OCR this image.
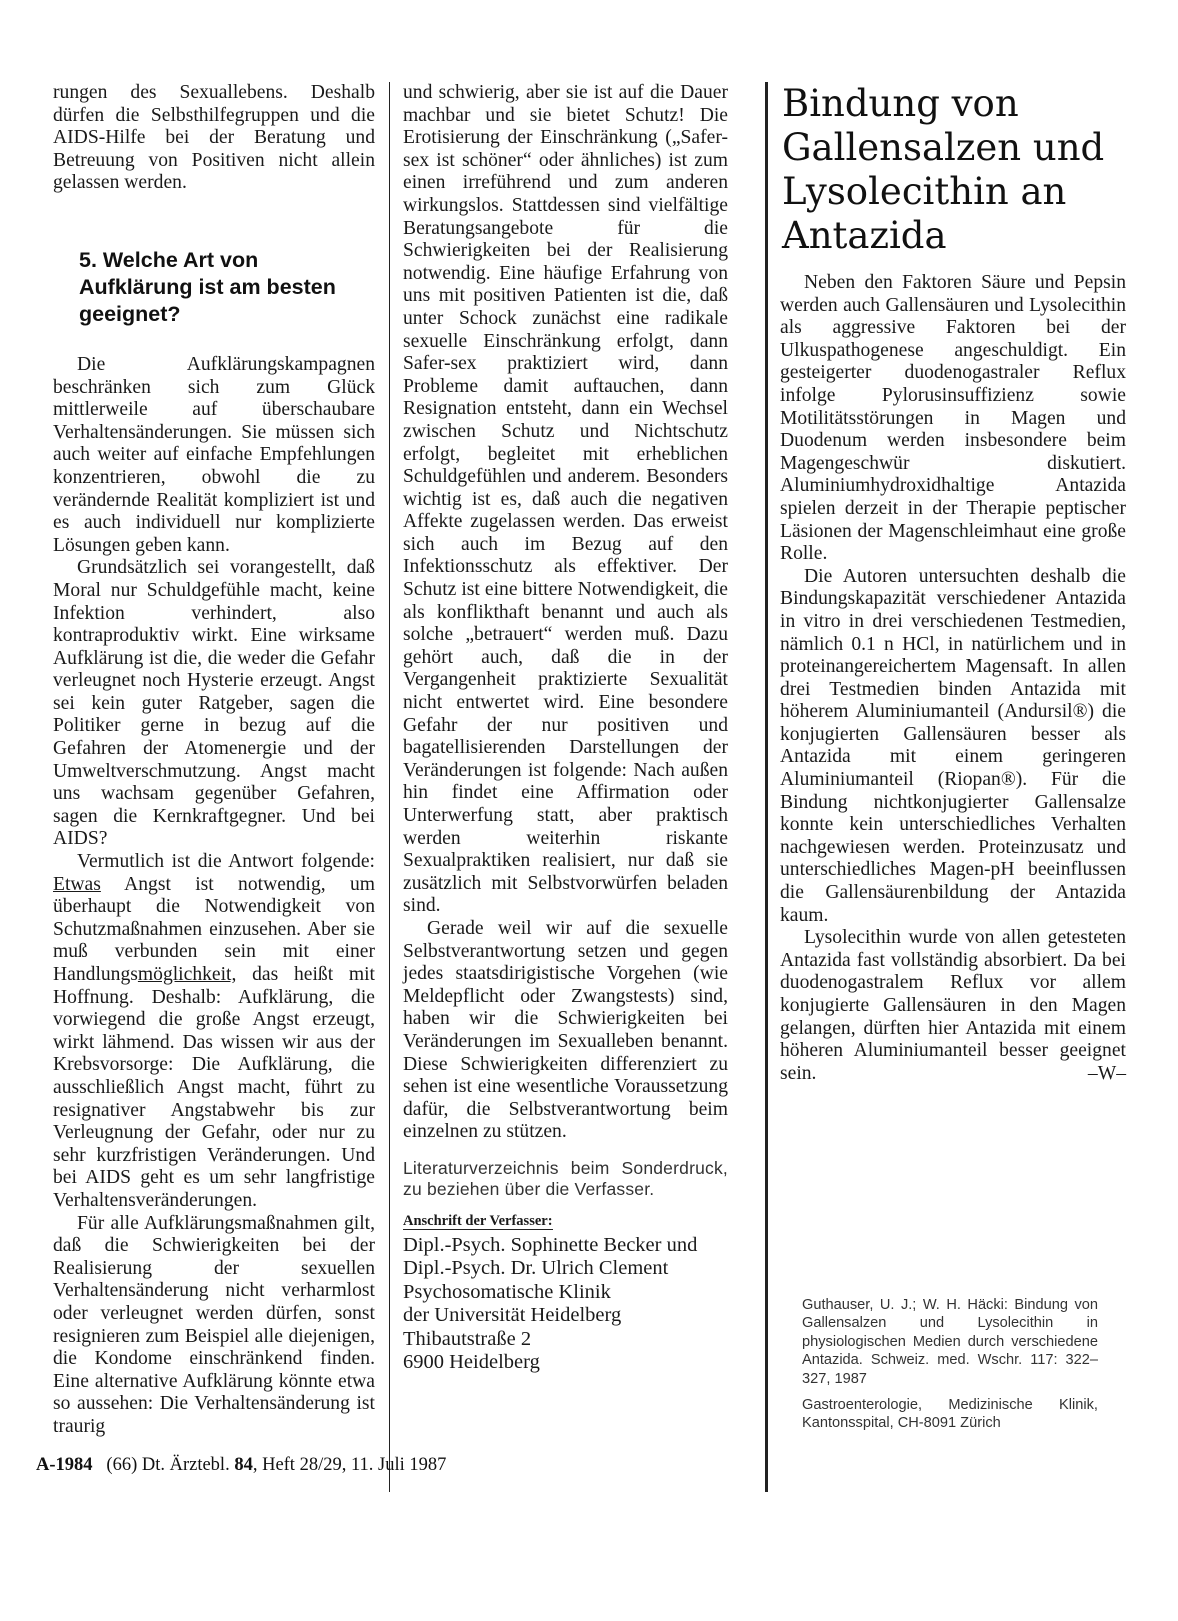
rungen des Sexuallebens. Deshalb dürfen die Selbsthilfegruppen und die AIDS-Hilfe bei der Beratung und Betreuung von Positiven nicht allein gelassen werden.

5. Welche Art von Aufklärung ist am besten geeignet?

Die Aufklärungskampagnen beschränken sich zum Glück mittlerweile auf überschaubare Verhaltensänderungen. Sie müssen sich auch weiter auf einfache Empfehlungen konzentrieren, obwohl die zu verändernde Realität kompliziert ist und es auch individuell nur komplizierte Lösungen geben kann.

Grundsätzlich sei vorangestellt, daß Moral nur Schuldgefühle macht, keine Infektion verhindert, also kontraproduktiv wirkt. Eine wirksame Aufklärung ist die, die weder die Gefahr verleugnet noch Hysterie erzeugt. Angst sei kein guter Ratgeber, sagen die Politiker gerne in bezug auf die Gefahren der Atomenergie und der Umweltverschmutzung. Angst macht uns wachsam gegenüber Gefahren, sagen die Kernkraftgegner. Und bei AIDS?

Vermutlich ist die Antwort folgende: Etwas Angst ist notwendig, um überhaupt die Notwendigkeit von Schutzmaßnahmen einzusehen. Aber sie muß verbunden sein mit einer Handlungsmöglichkeit, das heißt mit Hoffnung. Deshalb: Aufklärung, die vorwiegend die große Angst erzeugt, wirkt lähmend. Das wissen wir aus der Krebsvorsorge: Die Aufklärung, die ausschließlich Angst macht, führt zu resignativer Angstabwehr bis zur Verleugnung der Gefahr, oder nur zu sehr kurzfristigen Veränderungen. Und bei AIDS geht es um sehr langfristige Verhaltensveränderungen.

Für alle Aufklärungsmaßnahmen gilt, daß die Schwierigkeiten bei der Realisierung der sexuellen Verhaltensänderung nicht verharmlost oder verleugnet werden dürfen, sonst resignieren zum Beispiel alle diejenigen, die Kondome einschränkend finden. Eine alternative Aufklärung könnte etwa so aussehen: Die Verhaltensänderung ist traurig

und schwierig, aber sie ist auf die Dauer machbar und sie bietet Schutz! Die Erotisierung der Einschränkung („Safer-sex ist schöner“ oder ähnliches) ist zum einen irreführend und zum anderen wirkungslos. Stattdessen sind vielfältige Beratungsangebote für die Schwierigkeiten bei der Realisierung notwendig. Eine häufige Erfahrung von uns mit positiven Patienten ist die, daß unter Schock zunächst eine radikale sexuelle Einschränkung erfolgt, dann Safer-sex praktiziert wird, dann Probleme damit auftauchen, dann Resignation entsteht, dann ein Wechsel zwischen Schutz und Nichtschutz erfolgt, begleitet mit erheblichen Schuldgefühlen und anderem. Besonders wichtig ist es, daß auch die negativen Affekte zugelassen werden. Das erweist sich auch im Bezug auf den Infektionsschutz als effektiver. Der Schutz ist eine bittere Notwendigkeit, die als konflikthaft benannt und auch als solche „betrauert“ werden muß. Dazu gehört auch, daß die in der Vergangenheit praktizierte Sexualität nicht entwertet wird. Eine besondere Gefahr der nur positiven und bagatellisierenden Darstellungen der Veränderungen ist folgende: Nach außen hin findet eine Affirmation oder Unterwerfung statt, aber praktisch werden weiterhin riskante Sexualpraktiken realisiert, nur daß sie zusätzlich mit Selbstvorwürfen beladen sind.

Gerade weil wir auf die sexuelle Selbstverantwortung setzen und gegen jedes staatsdirigistische Vorgehen (wie Meldepflicht oder Zwangstests) sind, haben wir die Schwierigkeiten bei Veränderungen im Sexualleben benannt. Diese Schwierigkeiten differenziert zu sehen ist eine wesentliche Voraussetzung dafür, die Selbstverantwortung beim einzelnen zu stützen.

Literaturverzeichnis beim Sonderdruck, zu beziehen über die Verfasser.

Anschrift der Verfasser:

Dipl.-Psych. Sophinette Becker und

Dipl.-Psych. Dr. Ulrich Clement

Psychosomatische Klinik

der Universität Heidelberg

Thibautstraße 2

6900 Heidelberg

Bindung von Gallensalzen und Lysolecithin an Antazida

Neben den Faktoren Säure und Pepsin werden auch Gallensäuren und Lysolecithin als aggressive Faktoren bei der Ulkuspathogenese angeschuldigt. Ein gesteigerter duodenogastraler Reflux infolge Pylorusinsuffizienz sowie Motilitätsstörungen in Magen und Duodenum werden insbesondere beim Magengeschwür diskutiert. Aluminiumhydroxidhaltige Antazida spielen derzeit in der Therapie peptischer Läsionen der Magenschleimhaut eine große Rolle.

Die Autoren untersuchten deshalb die Bindungskapazität verschiedener Antazida in vitro in drei verschiedenen Testmedien, nämlich 0.1 n HCl, in natürlichem und in proteinangereichertem Magensaft. In allen drei Testmedien binden Antazida mit höherem Aluminiumanteil (Andursil®) die konjugierten Gallensäuren besser als Antazida mit einem geringeren Aluminiumanteil (Riopan®). Für die Bindung nichtkonjugierter Gallensalze konnte kein unterschiedliches Verhalten nachgewiesen werden. Proteinzusatz und unterschiedliches Magen-pH beeinflussen die Gallensäurenbildung der Antazida kaum.

Lysolecithin wurde von allen getesteten Antazida fast vollständig absorbiert. Da bei duodenogastralem Reflux vor allem konjugierte Gallensäuren in den Magen gelangen, dürften hier Antazida mit einem höheren Aluminiumanteil besser geeignet sein.	–W–

Guthauser, U. J.; W. H. Häcki: Bindung von Gallensalzen und Lysolecithin in physiologischen Medien durch verschiedene Antazida. Schweiz. med. Wschr. 117: 322–327, 1987
Gastroenterologie, Medizinische Klinik, Kantonsspital, CH-8091 Zürich
A-1984 (66) Dt. Ärztebl. 84, Heft 28/29, 11. Juli 1987
